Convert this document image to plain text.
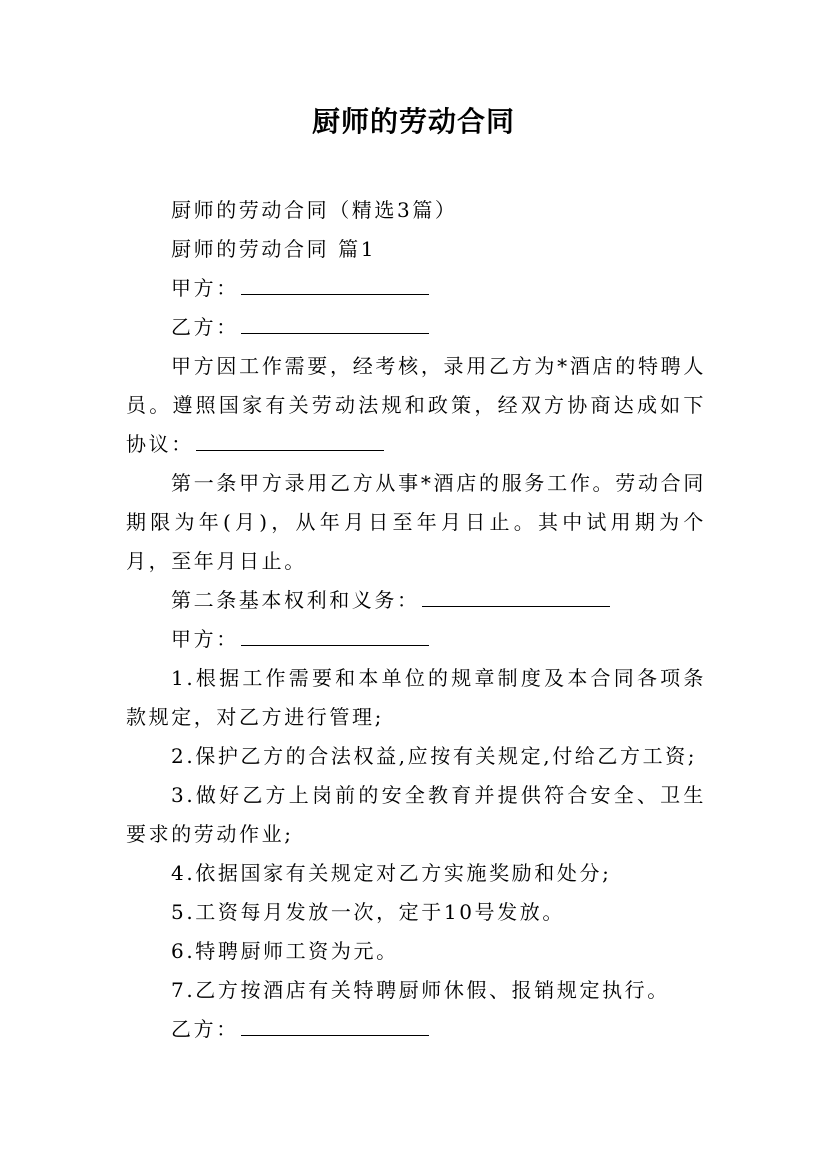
厨师的劳动合同

厨师的劳动合同（精选3篇）

厨师的劳动合同 篇1

甲方：

乙方：

甲方因工作需要，经考核，录用乙方为*酒店的特聘人员。遵照国家有关劳动法规和政策，经双方协商达成如下协议：

第一条甲方录用乙方从事*酒店的服务工作。劳动合同期限为年(月)，从年月日至年月日止。其中试用期为个月，至年月日止。

第二条基本权利和义务：

甲方：

1.根据工作需要和本单位的规章制度及本合同各项条款规定，对乙方进行管理;

2.保护乙方的合法权益,应按有关规定,付给乙方工资;

3.做好乙方上岗前的安全教育并提供符合安全、卫生要求的劳动作业;

4.依据国家有关规定对乙方实施奖励和处分;

5.工资每月发放一次，定于10号发放。

6.特聘厨师工资为元。

7.乙方按酒店有关特聘厨师休假、报销规定执行。

乙方：
